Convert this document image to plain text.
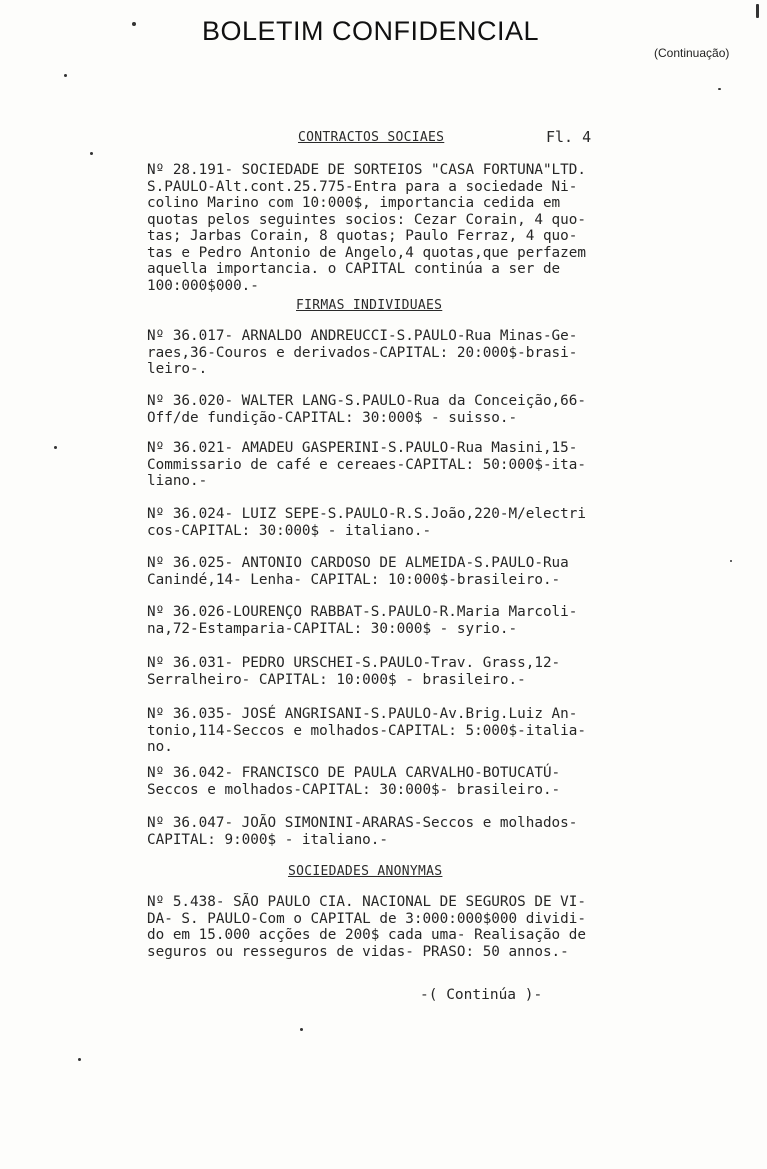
BOLETIM CONFIDENCIAL
(Continuação)
CONTRACTOS SOCIAES	Fl. 4
Nº 28.191- SOCIEDADE DE SORTEIOS "CASA FORTUNA"LTD.
S.PAULO-Alt.cont.25.775-Entra para a sociedade Ni-
colino Marino com 10:000$, importancia cedida em
quotas pelos seguintes socios: Cezar Corain, 4 quo-
tas; Jarbas Corain, 8 quotas; Paulo Ferraz, 4 quo-
tas e Pedro Antonio de Angelo,4 quotas,que perfazem
aquella importancia. o CAPITAL continúa a ser de
100:000$000.-
FIRMAS INDIVIDUAES
Nº 36.017- ARNALDO ANDREUCCI-S.PAULO-Rua Minas-Ge-
raes,36-Couros e derivados-CAPITAL: 20:000$-brasi-
leiro-.
Nº 36.020- WALTER LANG-S.PAULO-Rua da Conceição,66-
Off/de fundição-CAPITAL: 30:000$ - suisso.-
Nº 36.021- AMADEU GASPERINI-S.PAULO-Rua Masini,15-
Commissario de café e cereaes-CAPITAL: 50:000$-ita-
liano.-
Nº 36.024- LUIZ SEPE-S.PAULO-R.S.João,220-M/electri
cos-CAPITAL: 30:000$ - italiano.-
Nº 36.025- ANTONIO CARDOSO DE ALMEIDA-S.PAULO-Rua
Canindé,14- Lenha- CAPITAL: 10:000$-brasileiro.-
Nº 36.026-LOURENÇO RABBAT-S.PAULO-R.Maria Marcoli-
na,72-Estamparia-CAPITAL: 30:000$ - syrio.-
Nº 36.031- PEDRO URSCHEI-S.PAULO-Trav. Grass,12-
Serralheiro- CAPITAL: 10:000$ - brasileiro.-
Nº 36.035- JOSÉ ANGRISANI-S.PAULO-Av.Brig.Luiz An-
tonio,114-Seccos e molhados-CAPITAL: 5:000$-italia-
no.
Nº 36.042- FRANCISCO DE PAULA CARVALHO-BOTUCATÚ-
Seccos e molhados-CAPITAL: 30:000$- brasileiro.-
Nº 36.047- JOÃO SIMONINI-ARARAS-Seccos e molhados-
CAPITAL: 9:000$ - italiano.-
SOCIEDADES ANONYMAS
Nº 5.438- SÃO PAULO CIA. NACIONAL DE SEGUROS DE VI-
DA- S. PAULO-Com o CAPITAL de 3:000:000$000 dividi-
do em 15.000 acções de 200$ cada uma- Realisação de
seguros ou resseguros de vidas- PRASO: 50 annos.-
-( Continúa )-
